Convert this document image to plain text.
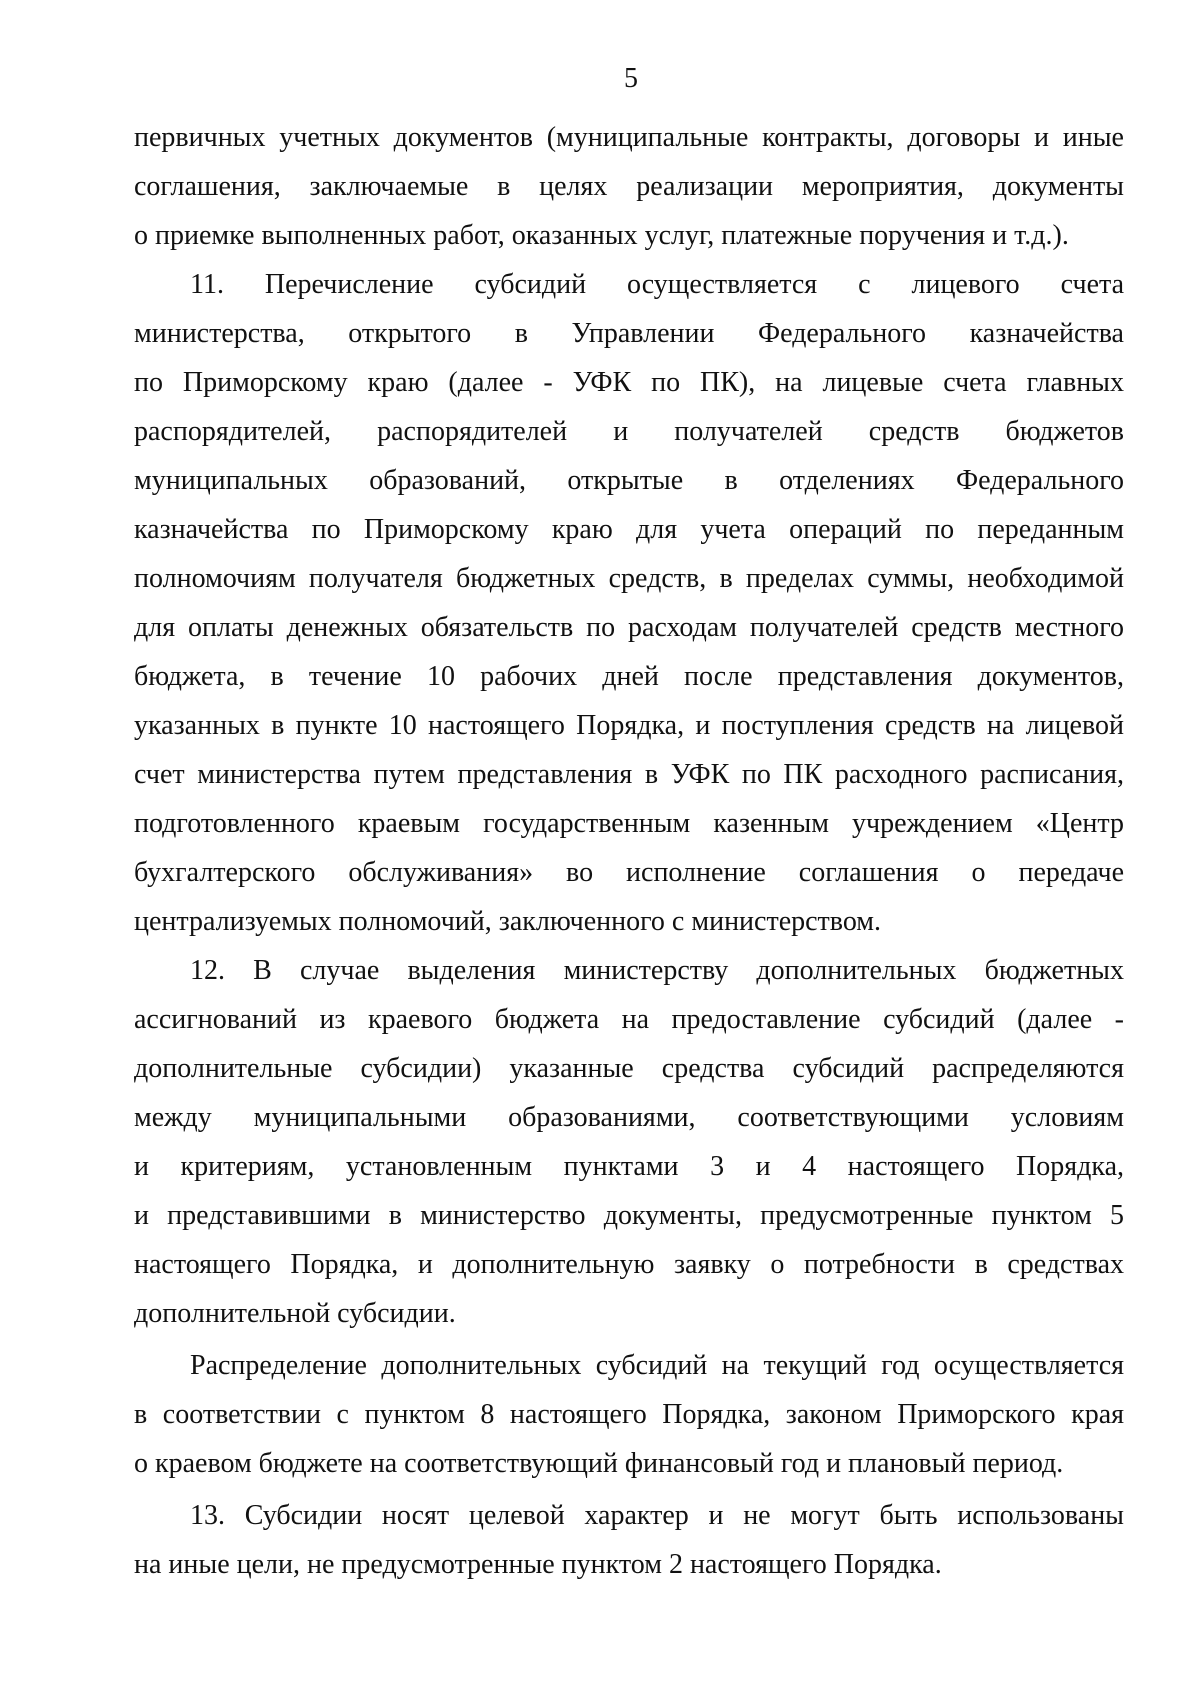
5
первичных учетных документов (муниципальные контракты, договоры и иные
соглашения, заключаемые в целях реализации мероприятия, документы
о приемке выполненных работ, оказанных услуг, платежные поручения и т.д.).
11. Перечисление субсидий осуществляется с лицевого счета
министерства, открытого в Управлении Федерального казначейства
по Приморскому краю (далее - УФК по ПК), на лицевые счета главных
распорядителей, распорядителей и получателей средств бюджетов
муниципальных образований, открытые в отделениях Федерального
казначейства по Приморскому краю для учета операций по переданным
полномочиям получателя бюджетных средств, в пределах суммы, необходимой
для оплаты денежных обязательств по расходам получателей средств местного
бюджета, в течение 10 рабочих дней после представления документов,
указанных в пункте 10 настоящего Порядка, и поступления средств на лицевой
счет министерства путем представления в УФК по ПК расходного расписания,
подготовленного краевым государственным казенным учреждением «Центр
бухгалтерского обслуживания» во исполнение соглашения о передаче
централизуемых полномочий, заключенного с министерством.
12. В случае выделения министерству дополнительных бюджетных
ассигнований из краевого бюджета на предоставление субсидий (далее -
дополнительные субсидии) указанные средства субсидий распределяются
между муниципальными образованиями, соответствующими условиям
и критериям, установленным пунктами 3 и 4 настоящего Порядка,
и представившими в министерство документы, предусмотренные пунктом 5
настоящего Порядка, и дополнительную заявку о потребности в средствах
дополнительной субсидии.
Распределение дополнительных субсидий на текущий год осуществляется
в соответствии с пунктом 8 настоящего Порядка, законом Приморского края
о краевом бюджете на соответствующий финансовый год и плановый период.
13. Субсидии носят целевой характер и не могут быть использованы
на иные цели, не предусмотренные пунктом 2 настоящего Порядка.
